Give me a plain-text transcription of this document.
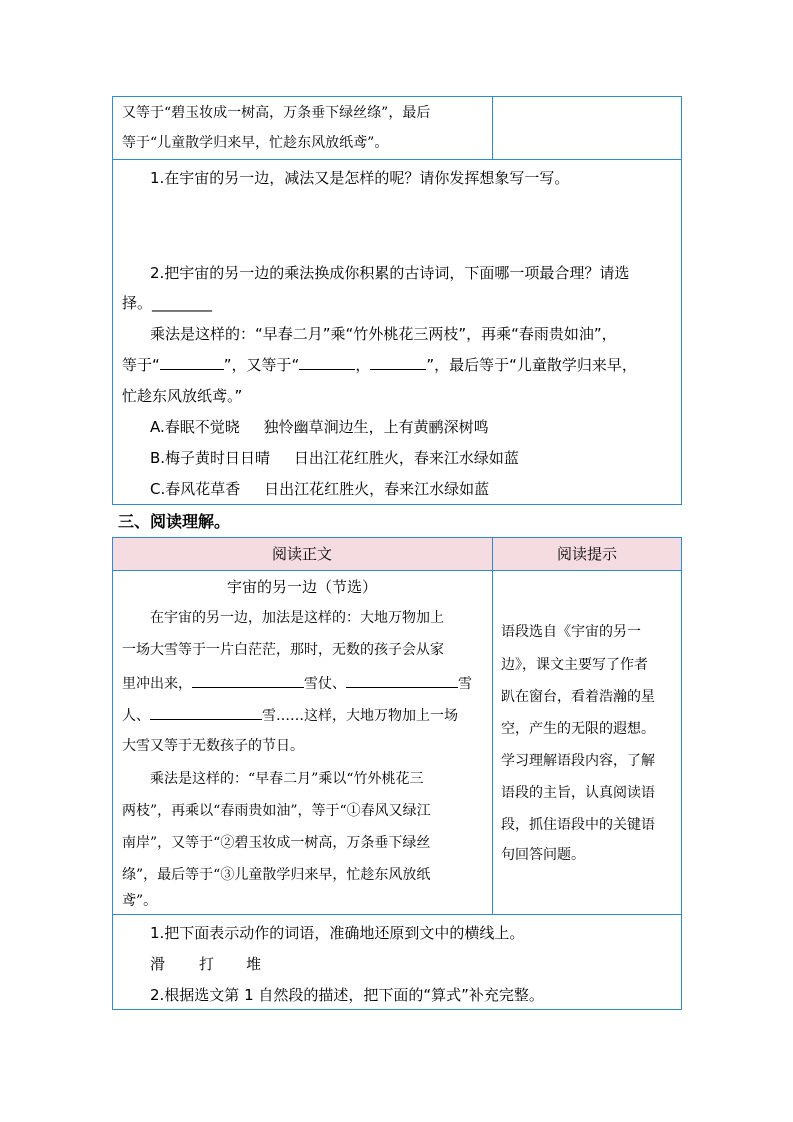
又等于“碧玉妆成一树高，万条垂下绿丝绦”，最后
等于“儿童散学归来早，忙趁东风放纸鸢”。
1.在宇宙的另一边，减法又是怎样的呢？请你发挥想象写一写。
2.把宇宙的另一边的乘法换成你积累的古诗词，下面哪一项最合理？请选
择。________
乘法是这样的：“早春二月”乘“竹外桃花三两枝”，再乘“春雨贵如油”，
等于“	”，又等于“	，	”，最后等于“儿童散学归来早，
忙趁东风放纸鸢。”
A.春眠不觉晓     独怜幽草涧边生，上有黄鹂深树鸣
B.梅子黄时日日晴     日出江花红胜火，春来江水绿如蓝
C.春风花草香     日出江花红胜火，春来江水绿如蓝
三、阅读理解。
阅读正文	阅读提示
宇宙的另一边（节选）
在宇宙的另一边，加法是这样的：大地万物加上
一场大雪等于一片白茫茫，那时，无数的孩子会从家
里冲出来，	雪仗、	雪
人、	雪……这样，大地万物加上一场
大雪又等于无数孩子的节日。
乘法是这样的：“早春二月”乘以“竹外桃花三
两枝”，再乘以“春雨贵如油”，等于“①春风又绿江
南岸”，又等于“②碧玉妆成一树高，万条垂下绿丝
绦”，最后等于“③儿童散学归来早，忙趁东风放纸
鸢”。
语段选自《宇宙的另一
边》，课文主要写了作者
趴在窗台，看着浩瀚的星
空，产生的无限的遐想。
学习理解语段内容，了解
语段的主旨，认真阅读语
段，抓住语段中的关键语
句回答问题。
1.把下面表示动作的词语，准确地还原到文中的横线上。
滑 打 堆
2.根据选文第 1 自然段的描述，把下面的“算式”补充完整。
